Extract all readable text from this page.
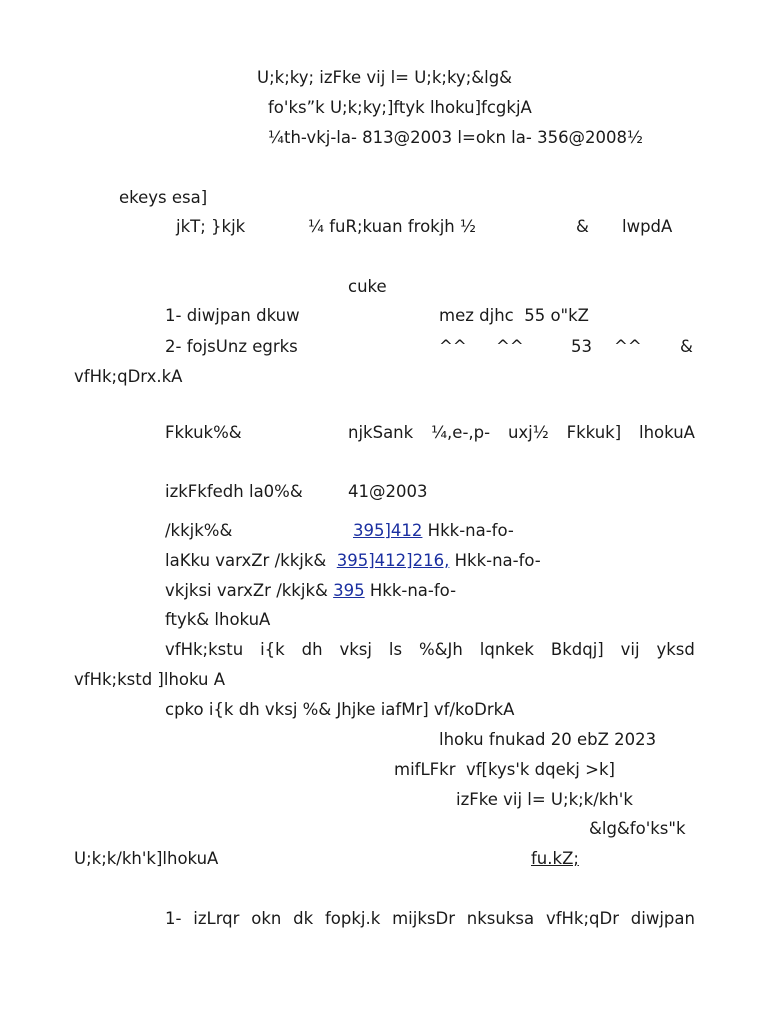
U;k;ky; izFke vij l= U;k;ky;&lg&
fo'ks”k U;k;ky;]ftyk lhoku]fcgkjA
¼th-vkj-la- 813@2003 l=okn la- 356@2008½
ekeys esa]
jkT; }kjk	¼ fuR;kuan frokjh ½	& lwpdA
cuke
1- diwjpan dkuw	mez djhc  55 o"kZ
2- fojsUnz egrks	^^ ^^	53 ^^ &
vfHk;qDrx.kA
Fkkuk%&	njkSank ¼,e-,p- uxj½ Fkkuk] lhokuA
izkFkfedh la0%&	41@2003
/kkjk%&	395]412 Hkk-na-fo-
laKku varxZr /kkjk&  395]412]216, Hkk-na-fo-
vkjksi varxZr /kkjk& 395 Hkk-na-fo-
ftyk& lhokuA
vfHk;kstu i{k dh vksj ls %&Jh lqnkek Bkdqj] vij yksd
vfHk;kstd ]lhoku A
cpko i{k dh vksj %& Jhjke iafMr] vf/koDrkA
lhoku fnukad 20 ebZ 2023
mifLFkr  vf[kys'k dqekj >k]
izFke vij l= U;k;k/kh'k
&lg&fo'ks"k
U;k;k/kh'k]lhokuA	fu.kZ;
1- izLrqr okn dk fopkj.k mijksDr nksuksa vfHk;qDr diwjpan
